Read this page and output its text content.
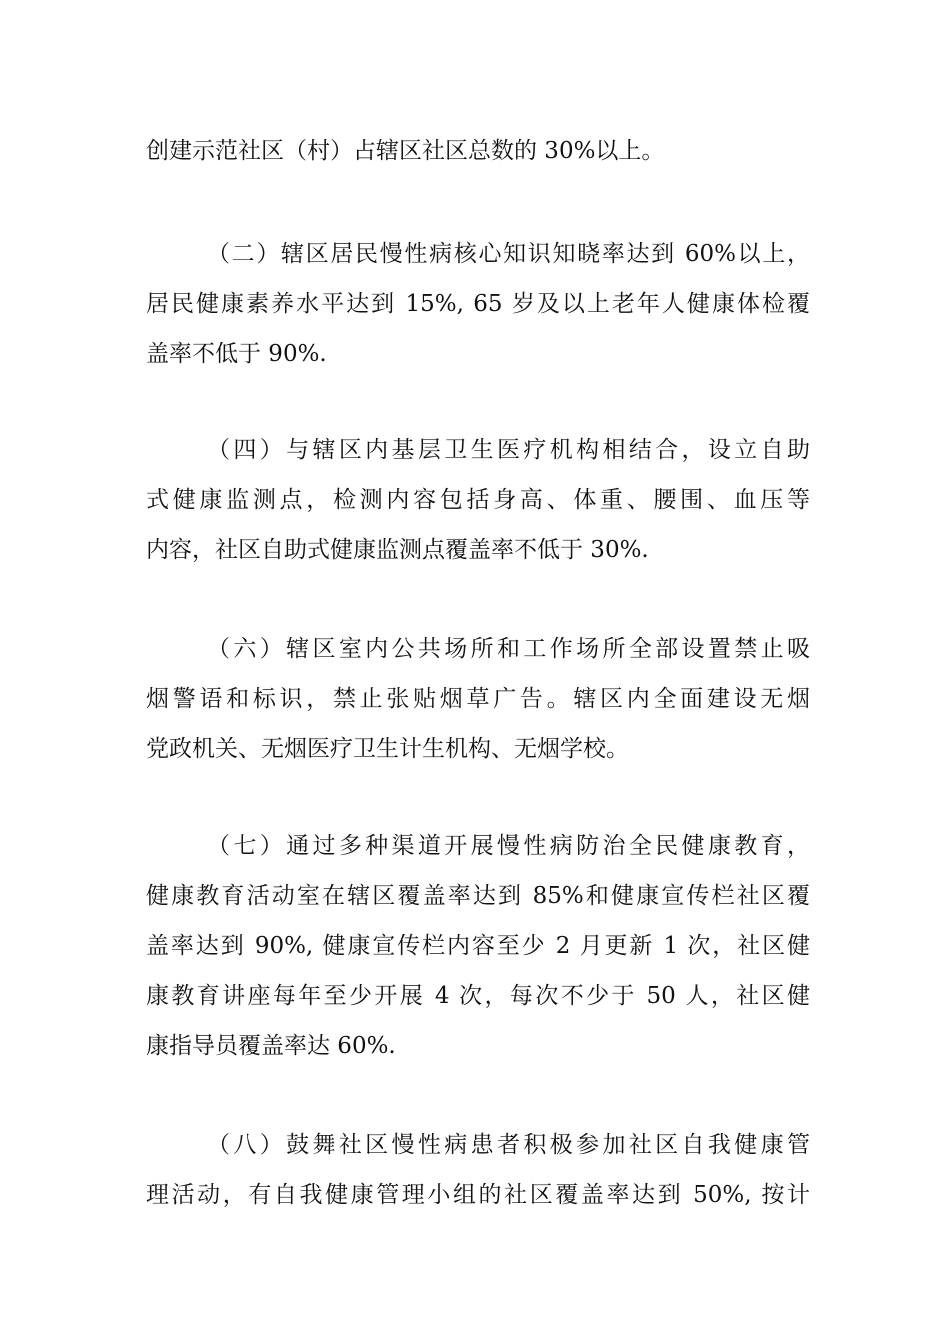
创建示范社区（村）占辖区社区总数的 30%以上。
（二）辖区居民慢性病核心知识知晓率达到 60%以上，
居民健康素养水平达到 15%, 65 岁及以上老年人健康体检覆
盖率不低于 90%.
（四）与辖区内基层卫生医疗机构相结合，设立自助
式健康监测点，检测内容包括身高、体重、腰围、血压等
内容，社区自助式健康监测点覆盖率不低于 30%.
（六）辖区室内公共场所和工作场所全部设置禁止吸
烟警语和标识，禁止张贴烟草广告。辖区内全面建设无烟
党政机关、无烟医疗卫生计生机构、无烟学校。
（七）通过多种渠道开展慢性病防治全民健康教育，
健康教育活动室在辖区覆盖率达到 85%和健康宣传栏社区覆
盖率达到 90%, 健康宣传栏内容至少 2 月更新 1 次，社区健
康教育讲座每年至少开展 4 次，每次不少于 50 人，社区健
康指导员覆盖率达 60%.
（八）鼓舞社区慢性病患者积极参加社区自我健康管
理活动，有自我健康管理小组的社区覆盖率达到 50%, 按计
